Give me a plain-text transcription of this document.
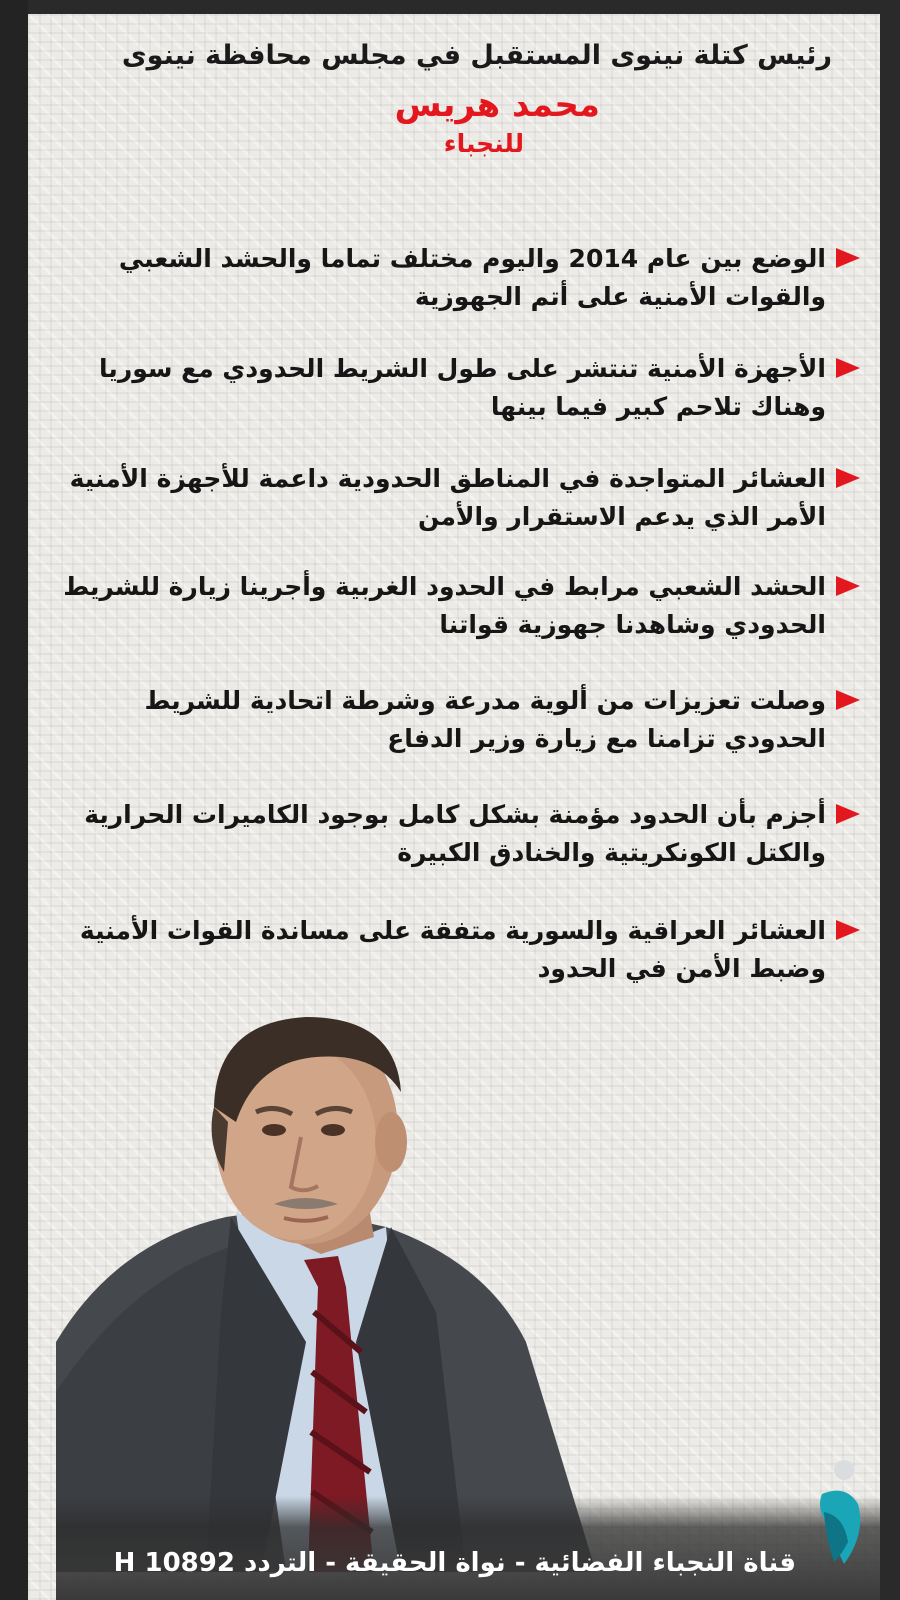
رئيس كتلة نينوى المستقبل في مجلس محافظة نينوى

محمد هريس

للنجباء

الوضع بين عام 2014 واليوم مختلف تماما والحشد الشعبي والقوات الأمنية على أتم الجهوزية
الأجهزة الأمنية تنتشر على طول الشريط الحدودي مع سوريا وهناك تلاحم كبير فيما بينها
العشائر المتواجدة في المناطق الحدودية داعمة للأجهزة الأمنية الأمر الذي يدعم الاستقرار والأمن
الحشد الشعبي مرابط في الحدود الغربية وأجرينا زيارة للشريط الحدودي وشاهدنا جهوزية قواتنا
وصلت تعزيزات من ألوية مدرعة وشرطة اتحادية للشريط الحدودي تزامنا مع زيارة وزير الدفاع
أجزم بأن الحدود مؤمنة بشكل كامل بوجود الكاميرات الحرارية والكتل الكونكريتية والخنادق الكبيرة
العشائر العراقية والسورية متفقة على مساندة القوات الأمنية وضبط الأمن في الحدود
قناة النجباء الفضائية - نواة الحقيقة - التردد 10892 H
